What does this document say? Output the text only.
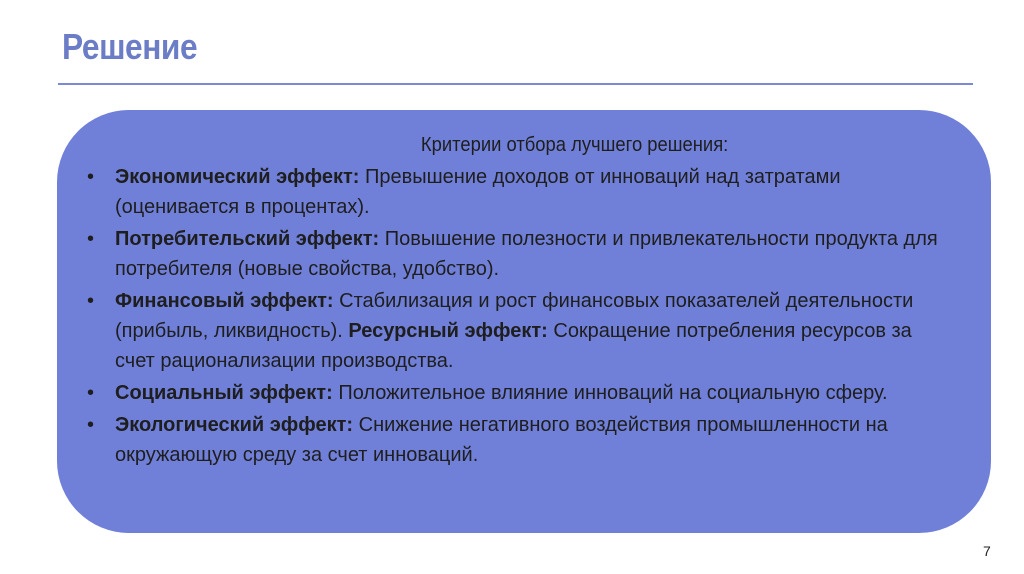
Решение

Критерии отбора лучшего решения:

• Экономический эффект: Превышение доходов от инноваций над затратами (оценивается в процентах).
• Потребительский эффект: Повышение полезности и привлекательности продукта для потребителя (новые свойства, удобство).
• Финансовый эффект: Стабилизация и рост финансовых показателей деятельности (прибыль, ликвидность). Ресурсный эффект: Сокращение потребления ресурсов за счет рационализации производства.
• Социальный эффект: Положительное влияние инноваций на социальную сферу.
• Экологический эффект: Снижение негативного воздействия промышленности на окружающую среду за счет инноваций.
7
